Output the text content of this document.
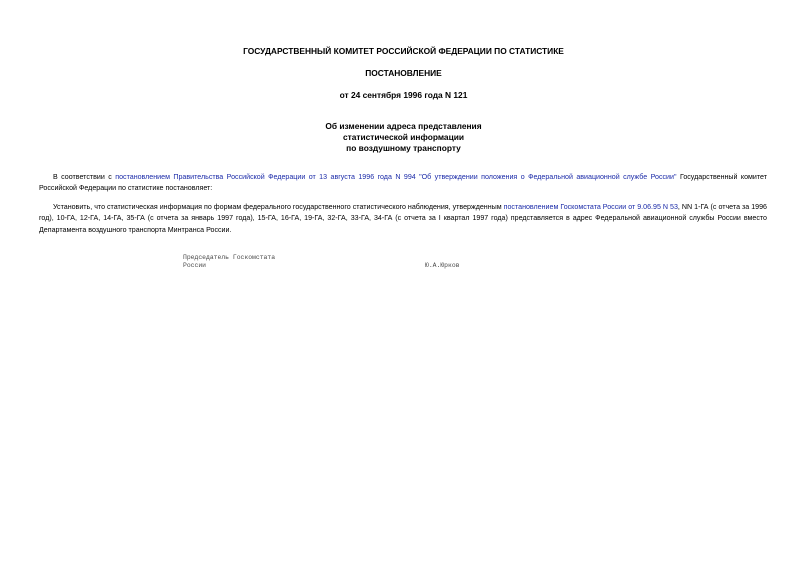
ГОСУДАРСТВЕННЫЙ КОМИТЕТ РОССИЙСКОЙ ФЕДЕРАЦИИ ПО СТАТИСТИКЕ
ПОСТАНОВЛЕНИЕ
от 24 сентября 1996 года N 121
Об изменении адреса представления
статистической информации
по воздушному транспорту

В соответствии с постановлением Правительства Российской Федерации от 13 августа 1996 года N 994 "Об утверждении положения о Федеральной авиационной службе России" Государственный комитет Российской Федерации по статистике постановляет:

Установить, что статистическая информация по формам федерального государственного статистического наблюдения, утвержденным постановлением Госкомстата России от 9.06.95 N 53, NN 1-ГА (с отчета за 1996 год), 10-ГА, 12-ГА, 14-ГА, 35-ГА (с отчета за январь 1997 года), 15-ГА, 16-ГА, 19-ГА, 32-ГА, 33-ГА, 34-ГА (с отчета за I квартал 1997 года) представляется в адрес Федеральной авиационной службы России вместо Департамента воздушного транспорта Минтранса России.

Председатель Госкомстата
России	Ю.А.Юрков
